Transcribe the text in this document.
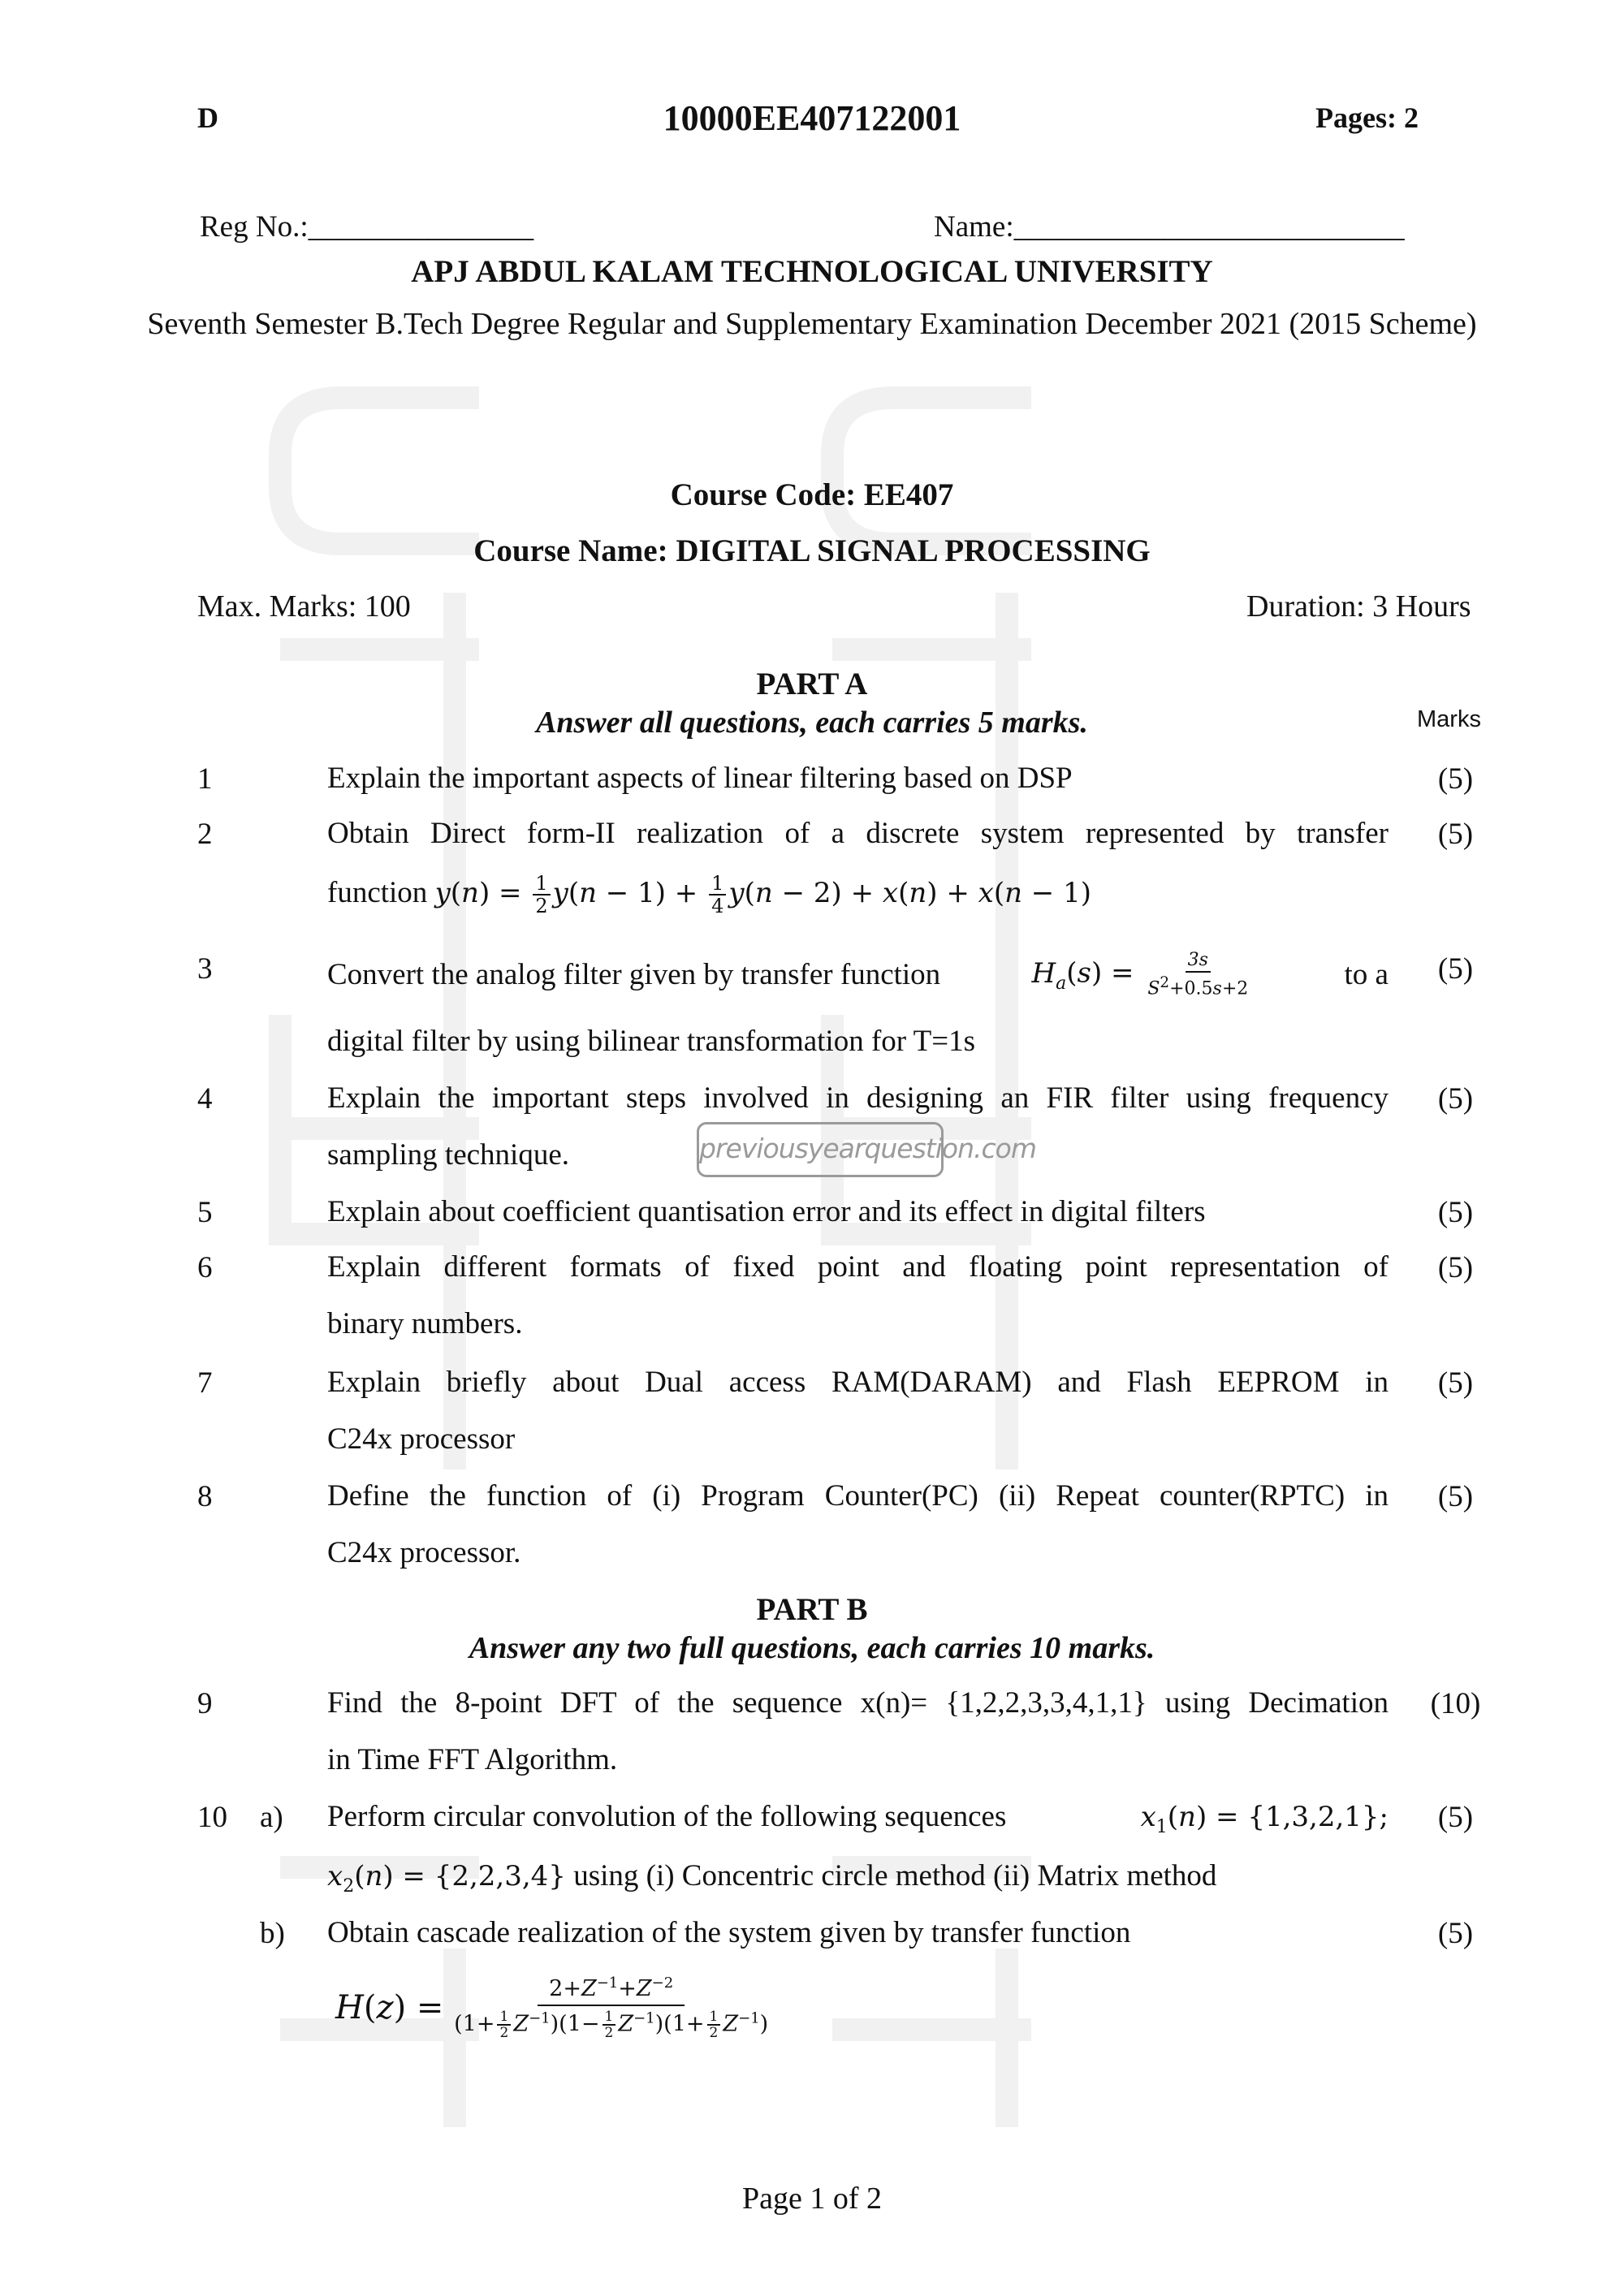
D	10000EE407122001	Pages: 2
Reg No.:_______________	Name:__________________________
APJ ABDUL KALAM TECHNOLOGICAL UNIVERSITY
Seventh Semester B.Tech Degree Regular and Supplementary Examination December 2021 (2015 Scheme)
Course Code: EE407
Course Name: DIGITAL SIGNAL PROCESSING
Max. Marks: 100	Duration: 3 Hours
PART A
Answer all questions, each carries 5 marks.	Marks
1	Explain the important aspects of linear filtering based on DSP	(5)
2	Obtain Direct form-II realization of a discrete system represented by transfer	(5)
function $y(n) = \frac{1}{2} y(n - 1) + \frac{1}{4} y(n - 2) + x(n) + x(n - 1)$
3	Convert the analog filter given by transfer function	$H_a(s) = \frac{3s}{S^2+0.5s+2}$	to a	(5)
digital filter by using bilinear transformation for T=1s
4	Explain the important steps involved in designing an FIR filter using frequency	(5)
sampling technique.	previousyearquestion.com
5	Explain about coefficient quantisation error and its effect in digital filters	(5)
6	Explain different formats of fixed point and floating point representation of	(5)
binary numbers.
7	Explain briefly about Dual access RAM(DARAM) and Flash EEPROM in	(5)
C24x processor
8	Define the function of (i) Program Counter(PC) (ii) Repeat counter(RPTC) in	(5)
C24x processor.
PART B
Answer any two full questions, each carries 10 marks.
9	Find the 8-point DFT of the sequence x(n)= {1,2,2,3,3,4,1,1} using Decimation	(10)
in Time FFT Algorithm.
10 a) Perform circular convolution of the following sequences	$x_1(n) = \{1,3,2,1\}$;	(5)
$x_2(n) = \{2,2,3,4\}$ using (i) Concentric circle method (ii) Matrix method
b) Obtain cascade realization of the system given by transfer function	(5)
$H(z) = \frac{2+Z^{-1}+Z^{-2}}{(1+ \frac{1}{2} Z^{-1})(1- \frac{1}{2} Z^{-1})(1+ \frac{1}{2} Z^{-1})}$
Page 1 of 2
